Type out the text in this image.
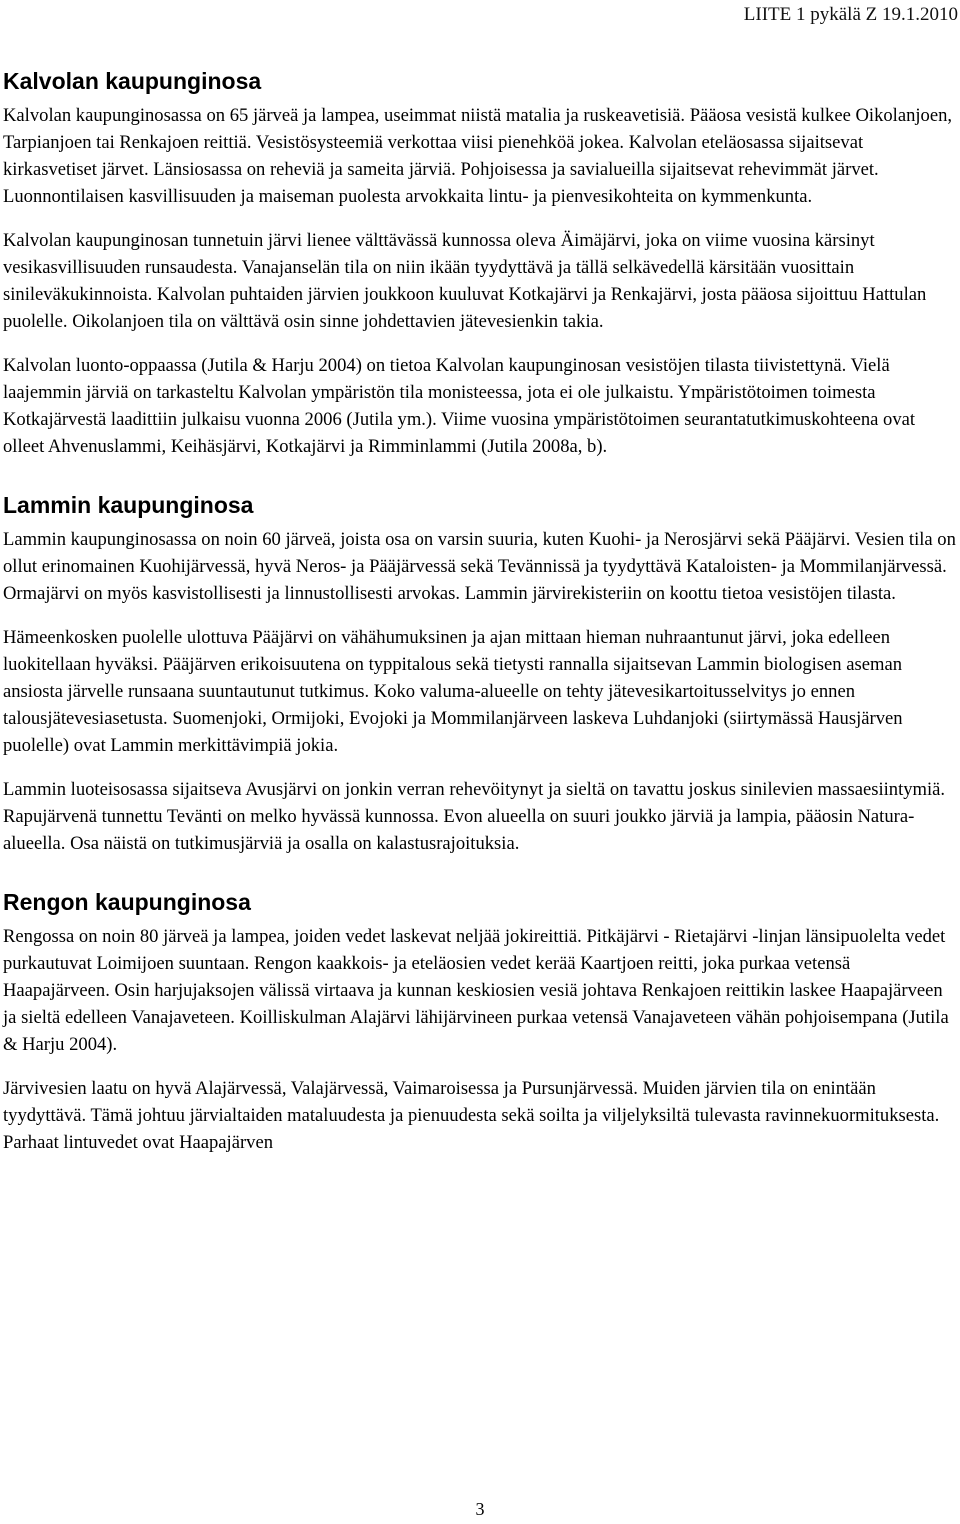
LIITE 1 pykälä Z 19.1.2010
Kalvolan kaupunginosa

Kalvolan kaupunginosassa on 65 järveä ja lampea, useimmat niistä matalia ja ruskeavetisiä. Pääosa vesistä kulkee Oikolanjoen, Tarpianjoen tai Renkajoen reittiä. Vesistösysteemiä verkottaa viisi pienehköä jokea. Kalvolan eteläosassa sijaitsevat kirkasvetiset järvet. Länsiosassa on reheviä ja sameita järviä. Pohjoisessa ja savialueilla sijaitsevat rehevimmät järvet. Luonnontilaisen kasvillisuuden ja maiseman puolesta arvokkaita lintu- ja pienvesikohteita on kymmenkunta.

Kalvolan kaupunginosan tunnetuin järvi lienee välttävässä kunnossa oleva Äimäjärvi, joka on viime vuosina kärsinyt vesikasvillisuuden runsaudesta. Vanajanselän tila on niin ikään tyydyttävä ja tällä selkävedellä kärsitään vuosittain sinileväkukinnoista. Kalvolan puhtaiden järvien joukkoon kuuluvat Kotkajärvi ja Renkajärvi, josta pääosa sijoittuu Hattulan puolelle. Oikolanjoen tila on välttävä osin sinne johdettavien jätevesienkin takia.

Kalvolan luonto-oppaassa (Jutila & Harju 2004) on tietoa Kalvolan kaupunginosan vesistöjen tilasta tiivistettynä. Vielä laajemmin järviä on tarkasteltu Kalvolan ympäristön tila monisteessa, jota ei ole julkaistu. Ympäristötoimen toimesta Kotkajärvestä laadittiin julkaisu vuonna 2006 (Jutila ym.). Viime vuosina ympäristötoimen seurantatutkimuskohteena ovat olleet Ahvenuslammi, Keihäsjärvi, Kotkajärvi ja Rimminlammi (Jutila 2008a, b).

Lammin kaupunginosa

Lammin kaupunginosassa on noin 60 järveä, joista osa on varsin suuria, kuten Kuohi- ja Nerosjärvi sekä Pääjärvi. Vesien tila on ollut erinomainen Kuohijärvessä, hyvä Neros- ja Pääjärvessä sekä Tevännissä ja tyydyttävä Kataloisten- ja Mommilanjärvessä. Ormajärvi on myös kasvistollisesti ja linnustollisesti arvokas. Lammin järvirekisteriin on koottu tietoa vesistöjen tilasta.

Hämeenkosken puolelle ulottuva Pääjärvi on vähähumuksinen ja ajan mittaan hieman nuhraantunut järvi, joka edelleen luokitellaan hyväksi. Pääjärven erikoisuutena on typpitalous sekä tietysti rannalla sijaitsevan Lammin biologisen aseman ansiosta järvelle runsaana suuntautunut tutkimus. Koko valuma-alueelle on tehty jätevesikartoitusselvitys jo ennen talousjätevesiasetusta. Suomenjoki, Ormijoki, Evojoki ja Mommilanjärveen laskeva Luhdanjoki (siirtymässä Hausjärven puolelle) ovat Lammin merkittävimpiä jokia.

Lammin luoteisosassa sijaitseva Avusjärvi on jonkin verran rehevöitynyt ja sieltä on tavattu joskus sinilevien massaesiintymiä. Rapujärvenä tunnettu Tevänti on melko hyvässä kunnossa. Evon alueella on suuri joukko järviä ja lampia, pääosin Natura-alueella. Osa näistä on tutkimusjärviä ja osalla on kalastusrajoituksia.

Rengon kaupunginosa

Rengossa on noin 80 järveä ja lampea, joiden vedet laskevat neljää jokireittiä. Pitkäjärvi - Rietajärvi -linjan länsipuolelta vedet purkautuvat Loimijoen suuntaan. Rengon kaakkois- ja eteläosien vedet kerää Kaartjoen reitti, joka purkaa vetensä Haapajärveen. Osin harjujaksojen välissä virtaava ja kunnan keskiosien vesiä johtava Renkajoen reittikin laskee Haapajärveen ja sieltä edelleen Vanajaveteen. Koilliskulman Alajärvi lähijärvineen purkaa vetensä Vanajaveteen vähän pohjoisempana (Jutila & Harju 2004).

Järvivesien laatu on hyvä Alajärvessä, Valajärvessä, Vaimaroisessa ja Pursunjärvessä. Muiden järvien tila on enintään tyydyttävä. Tämä johtuu järvialtaiden mataluudesta ja pienuudesta sekä soilta ja viljelyksiltä tulevasta ravinnekuormituksesta. Parhaat lintuvedet ovat Haapajärven

3
